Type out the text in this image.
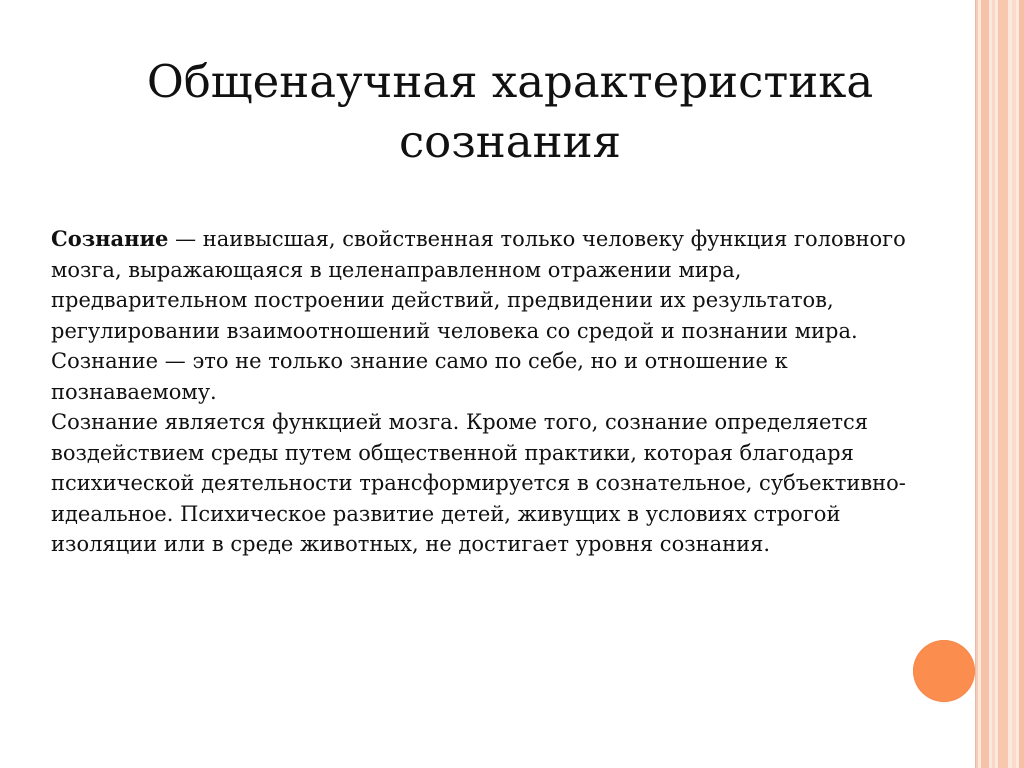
Общенаучная характеристика сознания

Сознание — наивысшая, свойственная только человеку функция головного мозга, выражающаяся в целенаправленном отражении мира, предварительном построении действий, предвидении их результатов, регулировании взаимоотношений человека со средой и познании мира.

Сознание — это не только знание само по себе, но и отношение к познаваемому.

Сознание является функцией мозга. Кроме того, сознание определяется воздействием среды путем общественной практики, которая благодаря психической деятельности трансформируется в сознательное, субъективно-идеальное. Психическое развитие детей, живущих в условиях строгой изоляции или в среде животных, не достигает уровня сознания.
